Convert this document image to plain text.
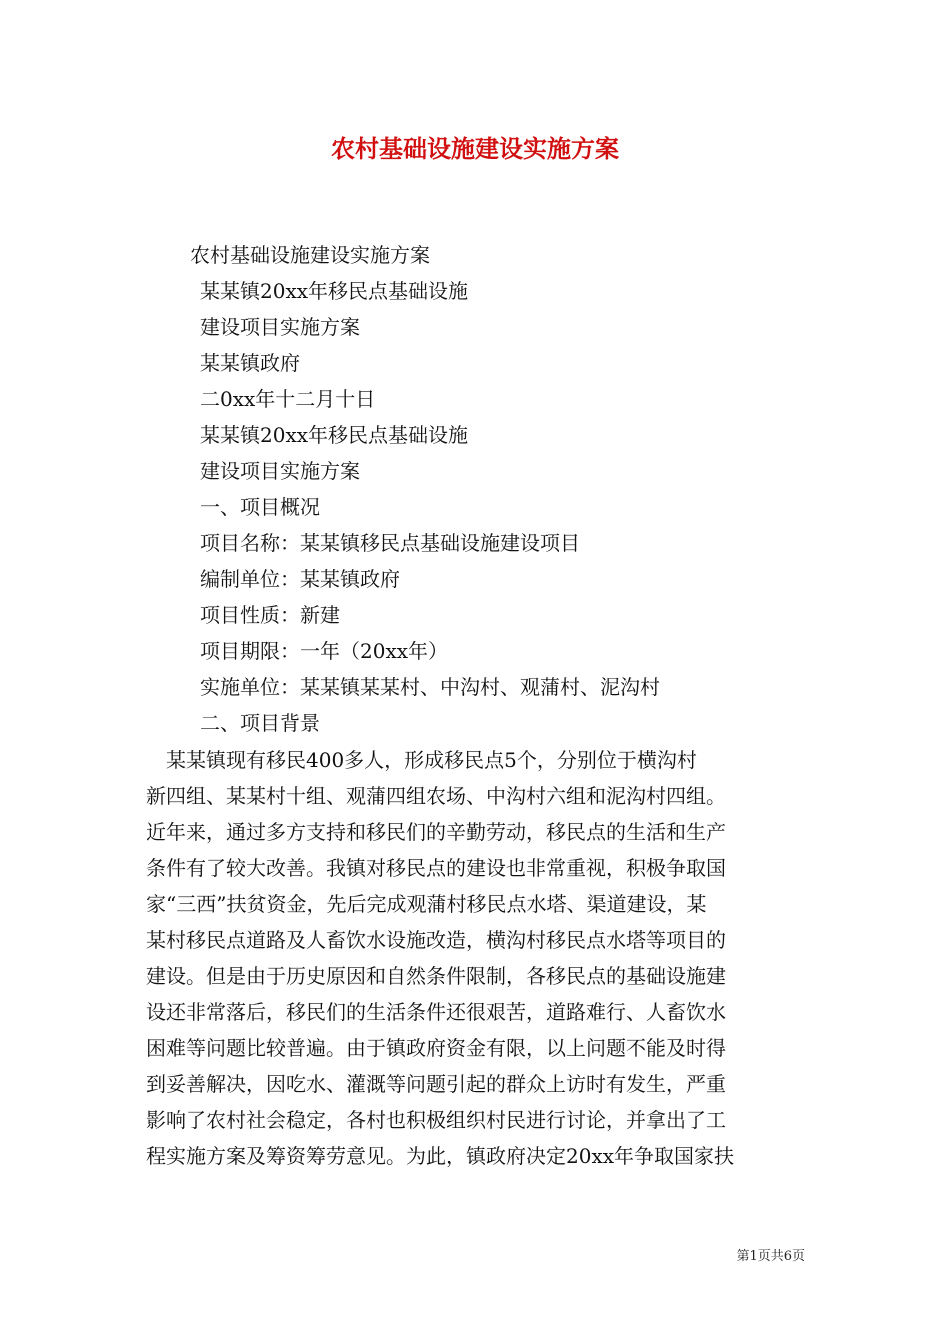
农村基础设施建设实施方案

农村基础设施建设实施方案

某某镇20xx年移民点基础设施

建设项目实施方案

某某镇政府

二0xx年十二月十日

某某镇20xx年移民点基础设施

建设项目实施方案

一、项目概况

项目名称：某某镇移民点基础设施建设项目

编制单位：某某镇政府

项目性质：新建

项目期限：一年（20xx年）

实施单位：某某镇某某村、中沟村、观蒲村、泥沟村

二、项目背景

　某某镇现有移民400多人，形成移民点5个，分别位于横沟村
新四组、某某村十组、观蒲四组农场、中沟村六组和泥沟村四组。
近年来，通过多方支持和移民们的辛勤劳动，移民点的生活和生产
条件有了较大改善。我镇对移民点的建设也非常重视，积极争取国
家“三西”扶贫资金，先后完成观蒲村移民点水塔、渠道建设，某
某村移民点道路及人畜饮水设施改造，横沟村移民点水塔等项目的
建设。但是由于历史原因和自然条件限制，各移民点的基础设施建
设还非常落后，移民们的生活条件还很艰苦，道路难行、人畜饮水
困难等问题比较普遍。由于镇政府资金有限，以上问题不能及时得
到妥善解决，因吃水、灌溉等问题引起的群众上访时有发生，严重
影响了农村社会稳定，各村也积极组织村民进行讨论，并拿出了工
程实施方案及筹资筹劳意见。为此，镇政府决定20xx年争取国家扶
第1页共6页
